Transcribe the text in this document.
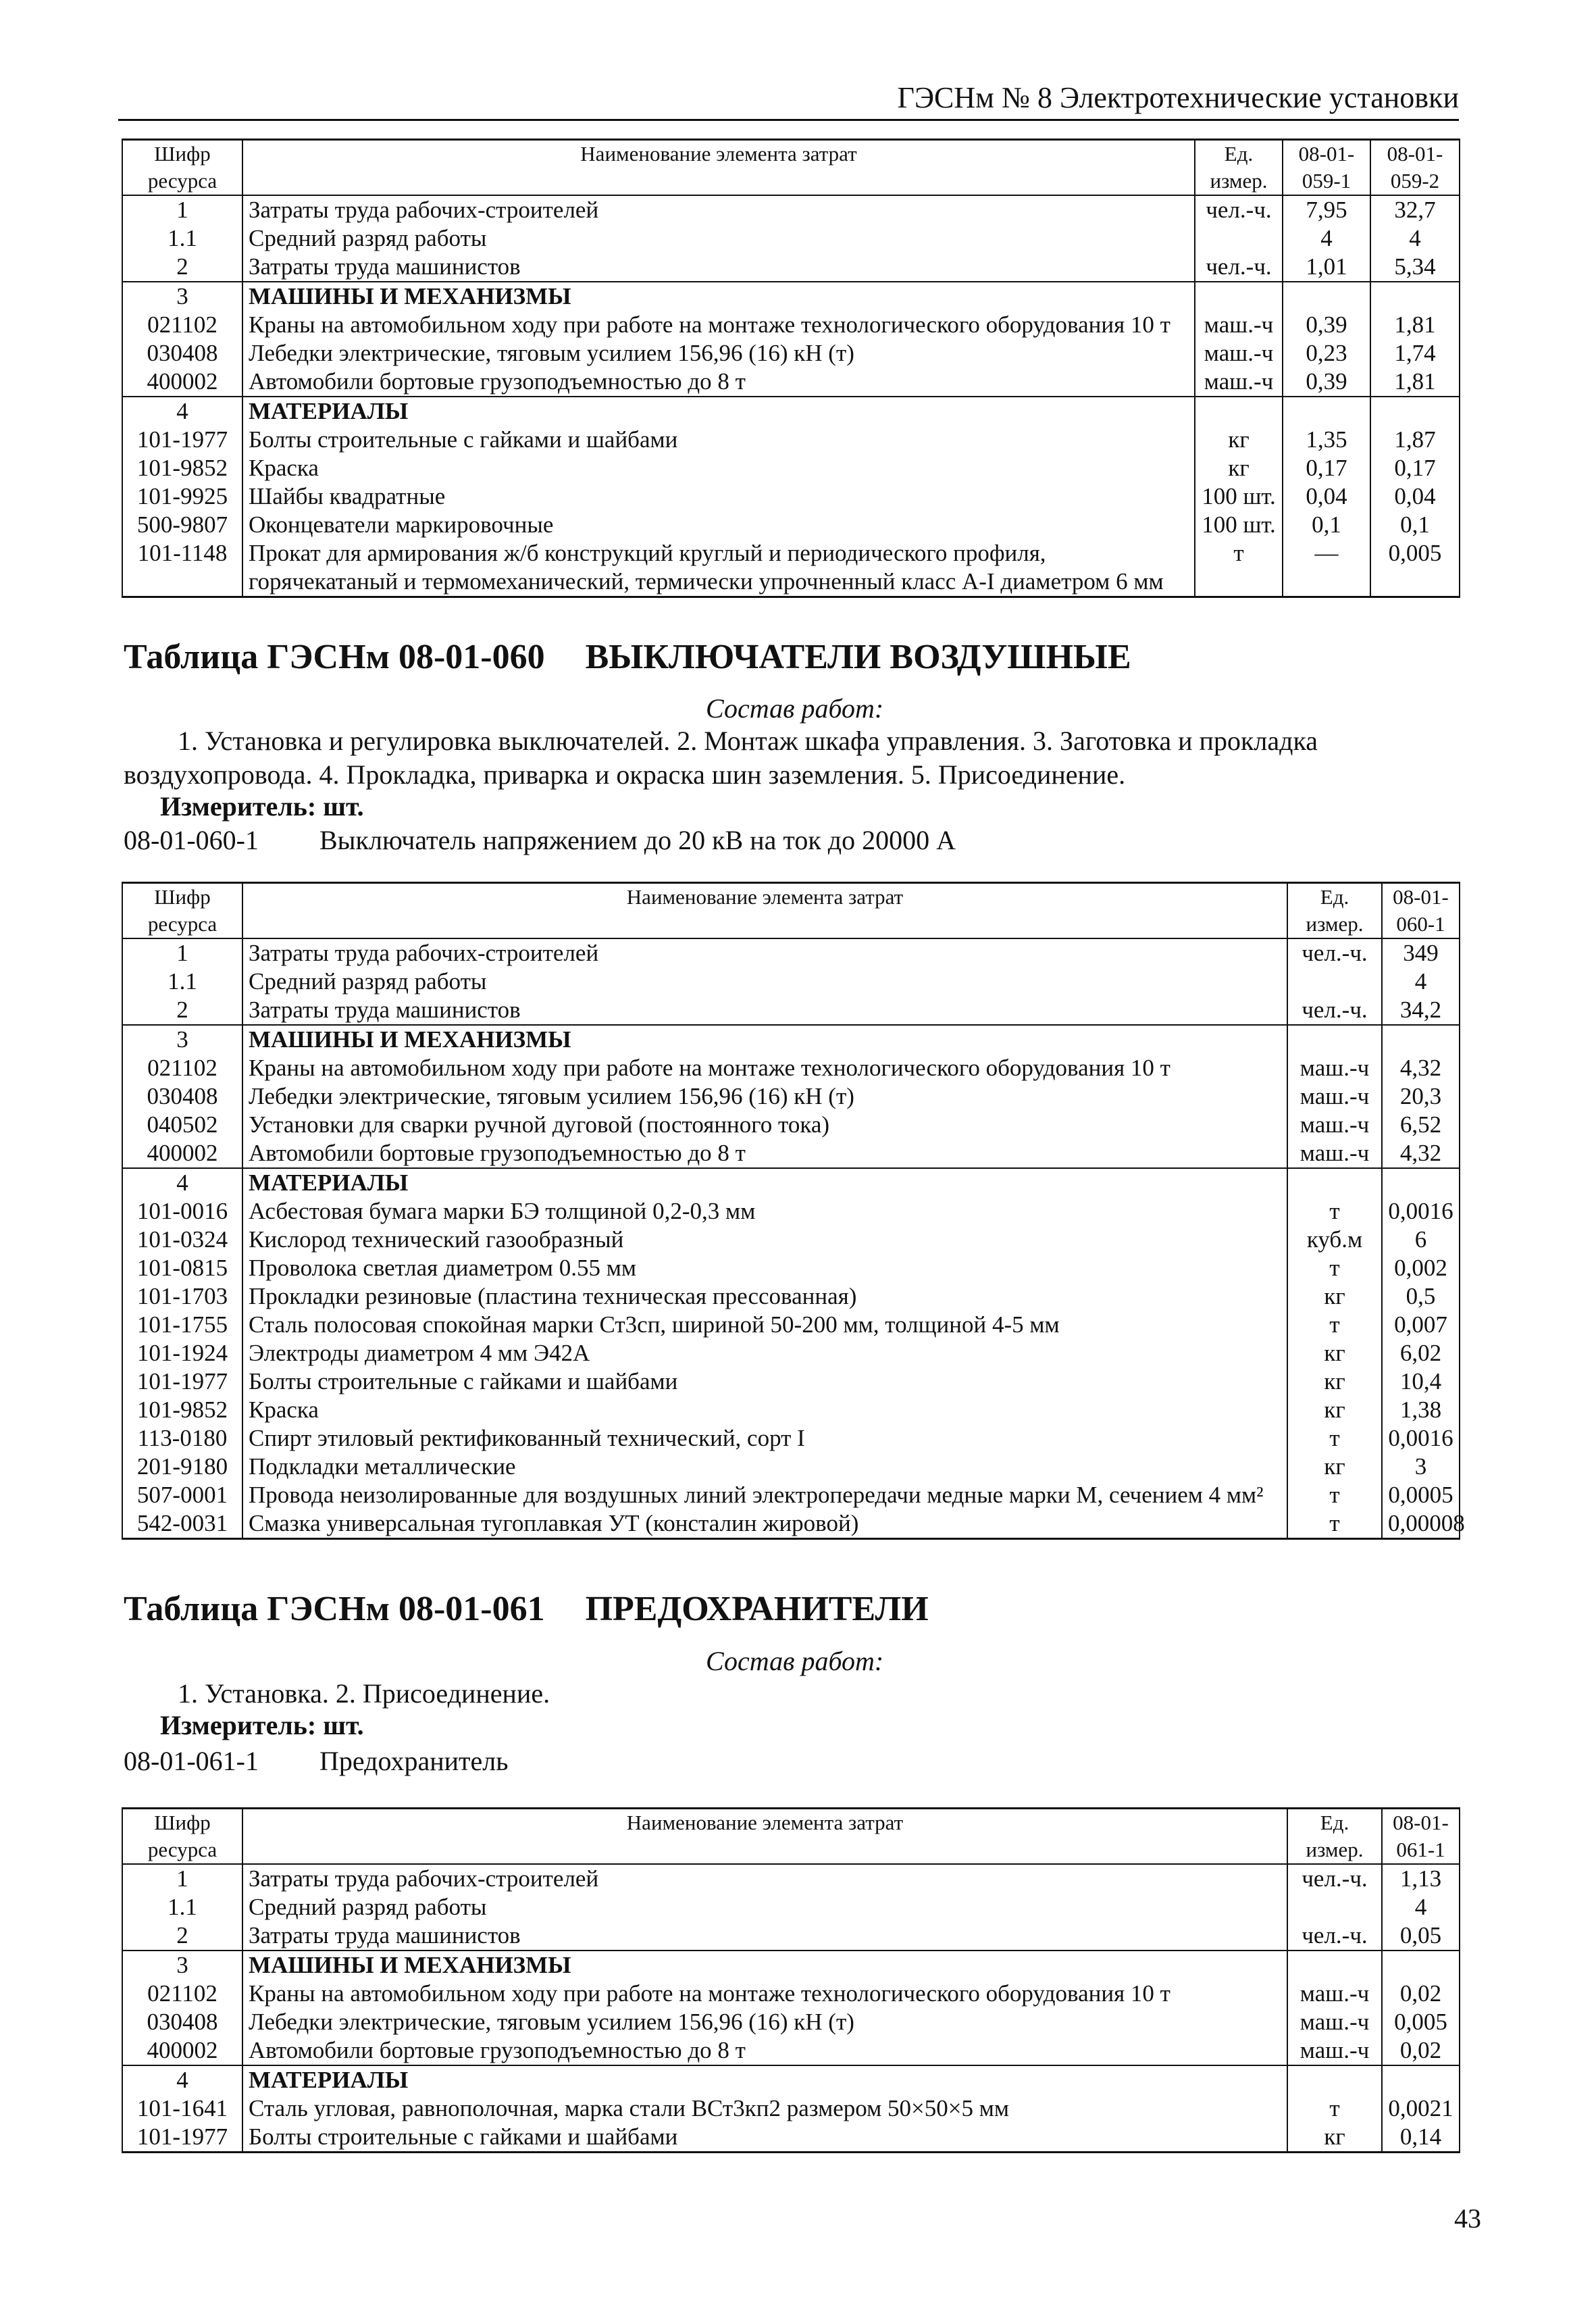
ГЭСНм № 8 Электротехнические установки
Шифр ресурса	Наименование элемента затрат	Ед. измер.	08-01-059-1	08-01-059-2
1	Затраты труда рабочих-строителей	чел.-ч.	7,95	32,7
1.1	Средний разряд работы		4	4
2	Затраты труда машинистов	чел.-ч.	1,01	5,34
3	МАШИНЫ И МЕХАНИЗМЫ			
021102	Краны на автомобильном ходу при работе на монтаже технологического оборудования 10 т	маш.-ч	0,39	1,81
030408	Лебедки электрические, тяговым усилием 156,96 (16) кН (т)	маш.-ч	0,23	1,74
400002	Автомобили бортовые грузоподъемностью до 8 т	маш.-ч	0,39	1,81
4	МАТЕРИАЛЫ			
101-1977	Болты строительные с гайками и шайбами	кг	1,35	1,87
101-9852	Краска	кг	0,17	0,17
101-9925	Шайбы квадратные	100 шт.	0,04	0,04
500-9807	Оконцеватели маркировочные	100 шт.	0,1	0,1
101-1148	Прокат для армирования ж/б конструкций круглый и периодического профиля, горячекатаный и термомеханический, термически упрочненный класс А-I диаметром 6 мм	т	—	0,005
Таблица ГЭСНм 08-01-060 ВЫКЛЮЧАТЕЛИ ВОЗДУШНЫЕ
Состав работ:
1. Установка и регулировка выключателей. 2. Монтаж шкафа управления. 3. Заготовка и прокладка воздухопровода. 4. Прокладка, приварка и окраска шин заземления. 5. Присоединение.
Измеритель: шт.
08-01-060-1 Выключатель напряжением до 20 кВ на ток до 20000 А
Шифр ресурса	Наименование элемента затрат	Ед. измер.	08-01-060-1
1	Затраты труда рабочих-строителей	чел.-ч.	349
1.1	Средний разряд работы		4
2	Затраты труда машинистов	чел.-ч.	34,2
3	МАШИНЫ И МЕХАНИЗМЫ		
021102	Краны на автомобильном ходу при работе на монтаже технологического оборудования 10 т	маш.-ч	4,32
030408	Лебедки электрические, тяговым усилием 156,96 (16) кН (т)	маш.-ч	20,3
040502	Установки для сварки ручной дуговой (постоянного тока)	маш.-ч	6,52
400002	Автомобили бортовые грузоподъемностью до 8 т	маш.-ч	4,32
4	МАТЕРИАЛЫ		
101-0016	Асбестовая бумага марки БЭ толщиной 0,2-0,3 мм	т	0,0016
101-0324	Кислород технический газообразный	куб.м	6
101-0815	Проволока светлая диаметром 0.55 мм	т	0,002
101-1703	Прокладки резиновые (пластина техническая прессованная)	кг	0,5
101-1755	Сталь полосовая спокойная марки Ст3сп, шириной 50-200 мм, толщиной 4-5 мм	т	0,007
101-1924	Электроды диаметром 4 мм Э42А	кг	6,02
101-1977	Болты строительные с гайками и шайбами	кг	10,4
101-9852	Краска	кг	1,38
113-0180	Спирт этиловый ректификованный технический, сорт I	т	0,0016
201-9180	Подкладки металлические	кг	3
507-0001	Провода неизолированные для воздушных линий электропередачи медные марки М, сечением 4 мм²	т	0,0005
542-0031	Смазка универсальная тугоплавкая УТ (консталин жировой)	т	0,00008
Таблица ГЭСНм 08-01-061 ПРЕДОХРАНИТЕЛИ
Состав работ:
1. Установка. 2. Присоединение.
Измеритель: шт.
08-01-061-1 Предохранитель
Шифр ресурса	Наименование элемента затрат	Ед. измер.	08-01-061-1
1	Затраты труда рабочих-строителей	чел.-ч.	1,13
1.1	Средний разряд работы		4
2	Затраты труда машинистов	чел.-ч.	0,05
3	МАШИНЫ И МЕХАНИЗМЫ		
021102	Краны на автомобильном ходу при работе на монтаже технологического оборудования 10 т	маш.-ч	0,02
030408	Лебедки электрические, тяговым усилием 156,96 (16) кН (т)	маш.-ч	0,005
400002	Автомобили бортовые грузоподъемностью до 8 т	маш.-ч	0,02
4	МАТЕРИАЛЫ		
101-1641	Сталь угловая, равнополочная, марка стали ВСт3кп2 размером 50×50×5 мм	т	0,0021
101-1977	Болты строительные с гайками и шайбами	кг	0,14
43
